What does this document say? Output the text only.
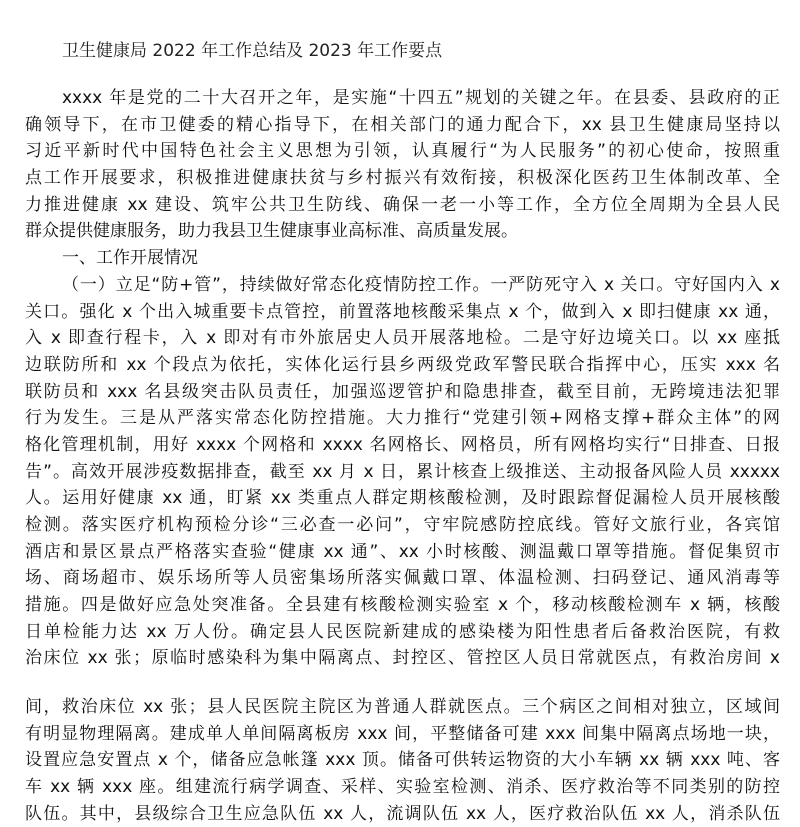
卫生健康局 2022 年工作总结及 2023 年工作要点
xxxx 年是党的二十大召开之年，是实施“十四五”规划的关键之年。在县委、县政府的正
确领导下，在市卫健委的精心指导下，在相关部门的通力配合下，xx 县卫生健康局坚持以
习近平新时代中国特色社会主义思想为引领，认真履行“为人民服务”的初心使命，按照重
点工作开展要求，积极推进健康扶贫与乡村振兴有效衔接，积极深化医药卫生体制改革、全
力推进健康 xx 建设、筑牢公共卫生防线、确保一老一小等工作，全方位全周期为全县人民
群众提供健康服务，助力我县卫生健康事业高标准、高质量发展。
一、工作开展情况
（一）立足“防+管”，持续做好常态化疫情防控工作。一严防死守入 x 关口。守好国内入 x
关口。强化 x 个出入城重要卡点管控，前置落地核酸采集点 x 个，做到入 x 即扫健康 xx 通，
入 x 即查行程卡，入 x 即对有市外旅居史人员开展落地检。二是守好边境关口。以 xx 座抵
边联防所和 xx 个段点为依托，实体化运行县乡两级党政军警民联合指挥中心，压实 xxx 名
联防员和 xxx 名县级突击队员责任，加强巡逻管护和隐患排查，截至目前，无跨境违法犯罪
行为发生。三是从严落实常态化防控措施。大力推行“党建引领+网格支撑+群众主体”的网
格化管理机制，用好 xxxx 个网格和 xxxx 名网格长、网格员，所有网格均实行“日排查、日报
告”。高效开展涉疫数据排查，截至 xx 月 x 日，累计核查上级推送、主动报备风险人员 xxxxx
人。运用好健康 xx 通，盯紧 xx 类重点人群定期核酸检测，及时跟踪督促漏检人员开展核酸
检测。落实医疗机构预检分诊“三必查一必问”，守牢院感防控底线。管好文旅行业，各宾馆
酒店和景区景点严格落实查验“健康 xx 通”、xx 小时核酸、测温戴口罩等措施。督促集贸市
场、商场超市、娱乐场所等人员密集场所落实佩戴口罩、体温检测、扫码登记、通风消毒等
措施。四是做好应急处突准备。全县建有核酸检测实验室 x 个，移动核酸检测车 x 辆，核酸
日单检能力达 xx 万人份。确定县人民医院新建成的感染楼为阳性患者后备救治医院，有救
治床位 xx 张；原临时感染科为集中隔离点、封控区、管控区人员日常就医点，有救治房间 x
间，救治床位 xx 张；县人民医院主院区为普通人群就医点。三个病区之间相对独立，区域间
有明显物理隔离。建成单人单间隔离板房 xxx 间，平整储备可建 xxx 间集中隔离点场地一块，
设置应急安置点 x 个，储备应急帐篷 xxx 顶。储备可供转运物资的大小车辆 xx 辆 xxx 吨、客
车 xx 辆 xxx 座。组建流行病学调查、采样、实验室检测、消杀、医疗救治等不同类别的防控
队伍。其中，县级综合卫生应急队伍 xx 人，流调队伍 xx 人，医疗救治队伍 xx 人，消杀队伍
